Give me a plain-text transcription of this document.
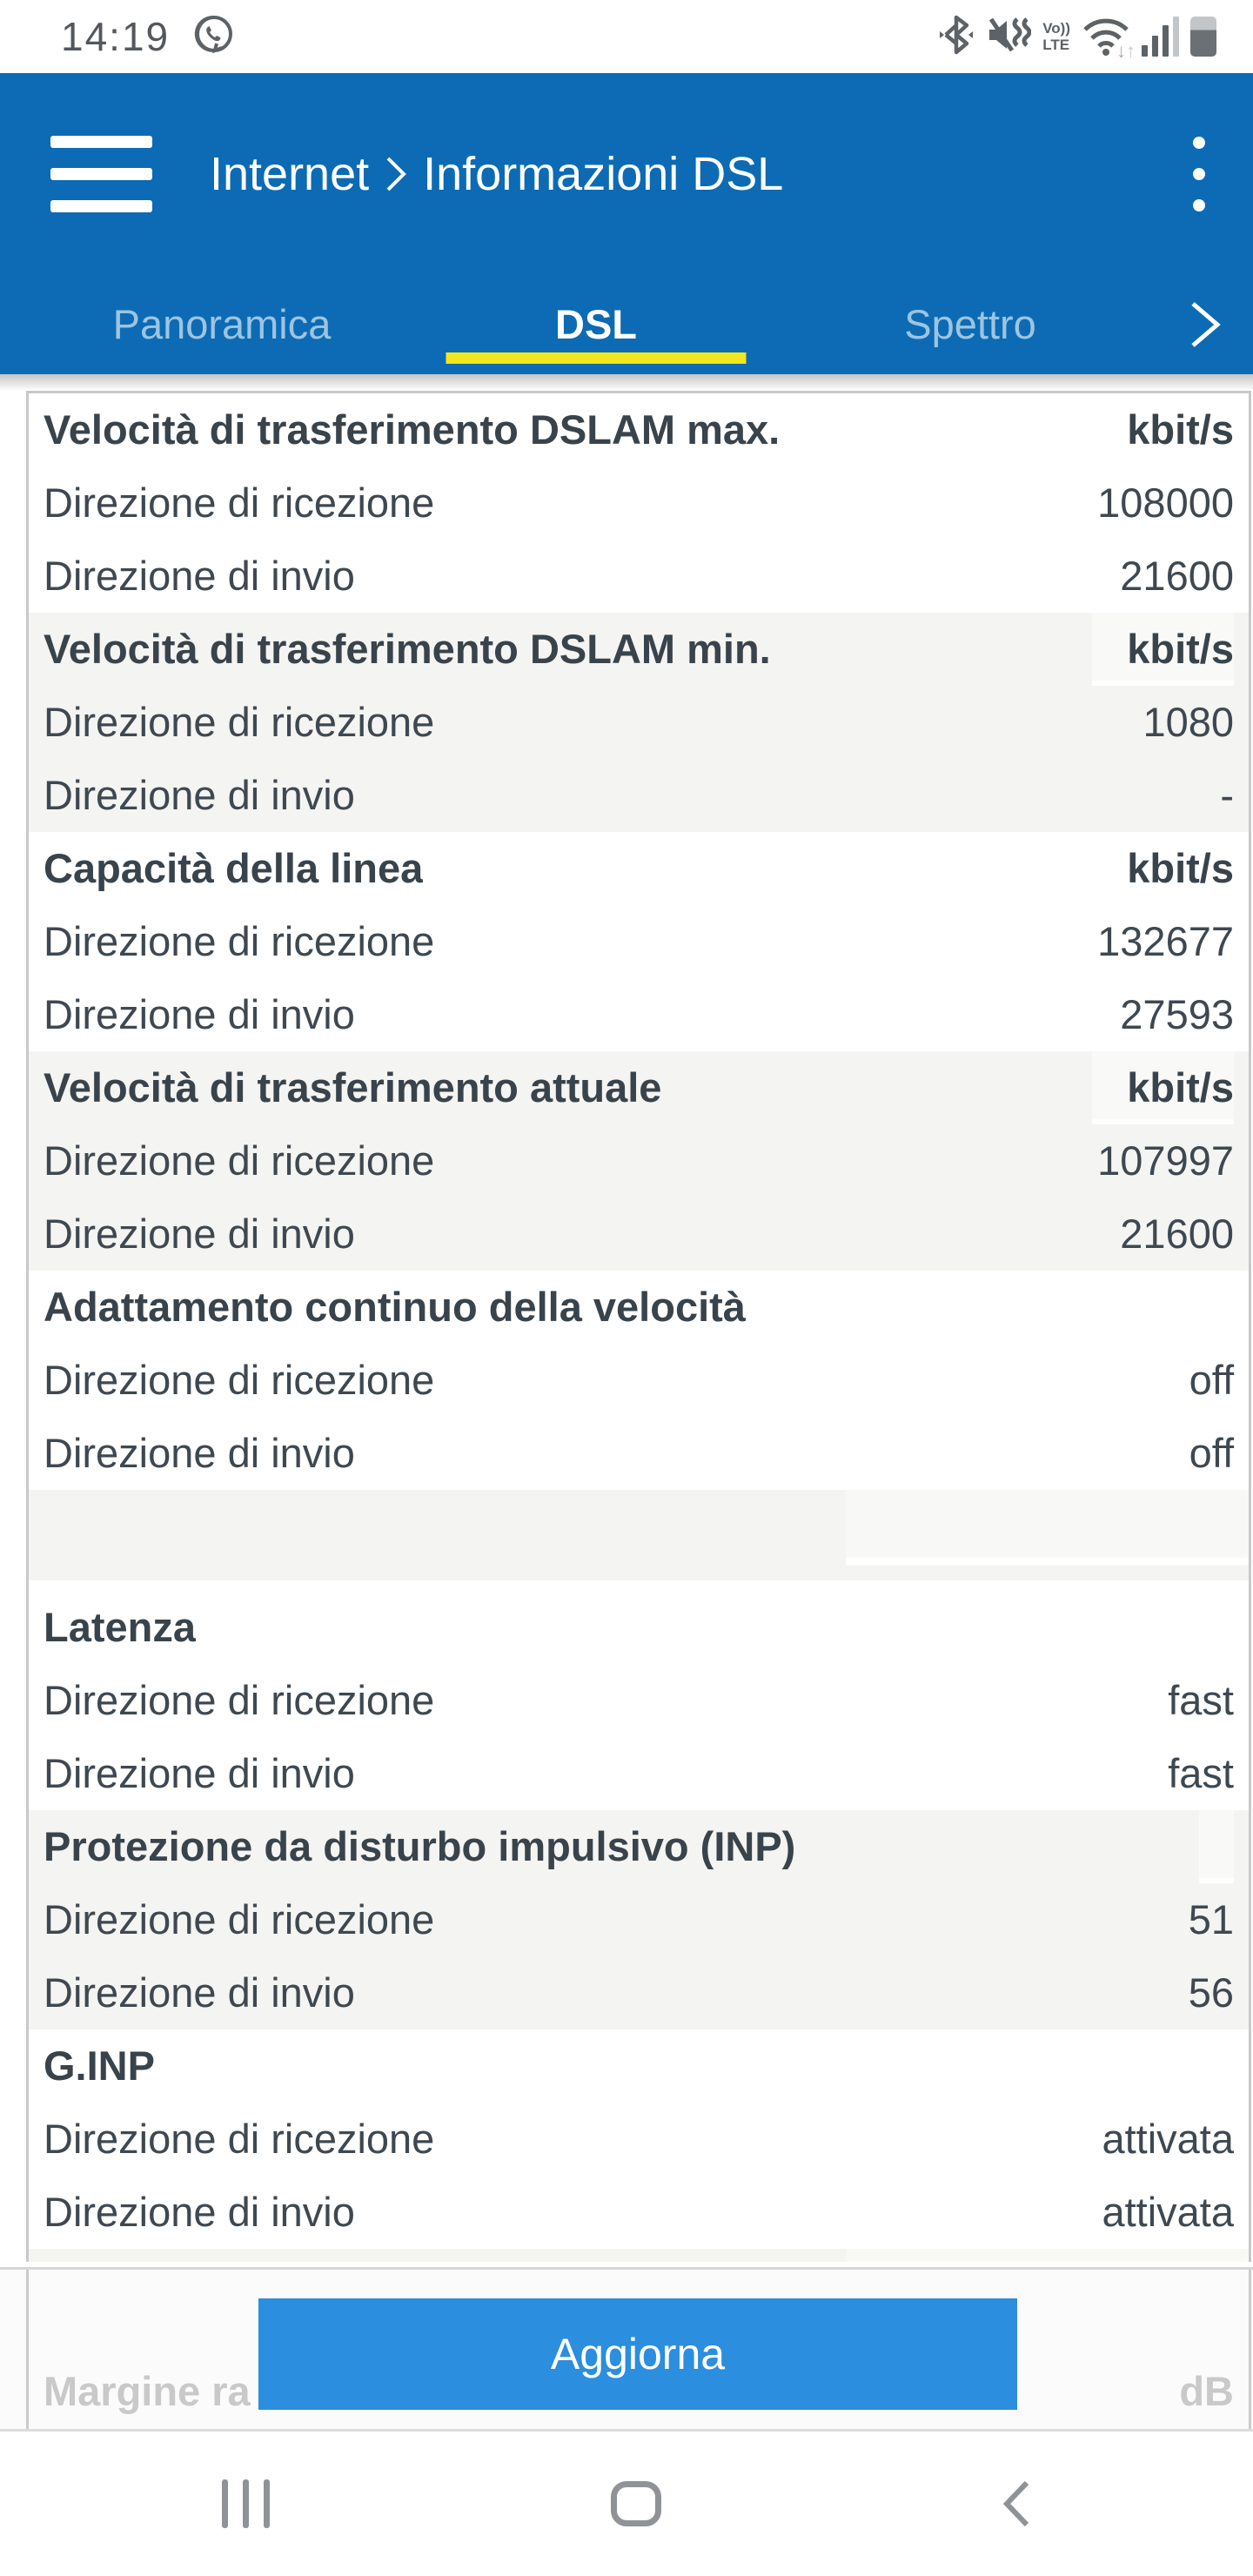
14:19	Vo))
LTE ↓↑
Internet Informazioni DSL
Panoramica	DSL	Spettro
Velocità di trasferimento DSLAM max.	kbit/s
Direzione di ricezione	108000
Direzione di invio	21600
Velocità di trasferimento DSLAM min.	kbit/s
Direzione di ricezione	1080
Direzione di invio	-
Capacità della linea	kbit/s
Direzione di ricezione	132677
Direzione di invio	27593
Velocità di trasferimento attuale	kbit/s
Direzione di ricezione	107997
Direzione di invio	21600
Adattamento continuo della velocità
Direzione di ricezione	off
Direzione di invio	off
Latenza
Direzione di ricezione	fast
Direzione di invio	fast
Protezione da disturbo impulsivo (INP)
Direzione di ricezione	51
Direzione di invio	56
G.INP
Direzione di ricezione	attivata
Direzione di invio	attivata
Margine ra	dB
Aggiorna
